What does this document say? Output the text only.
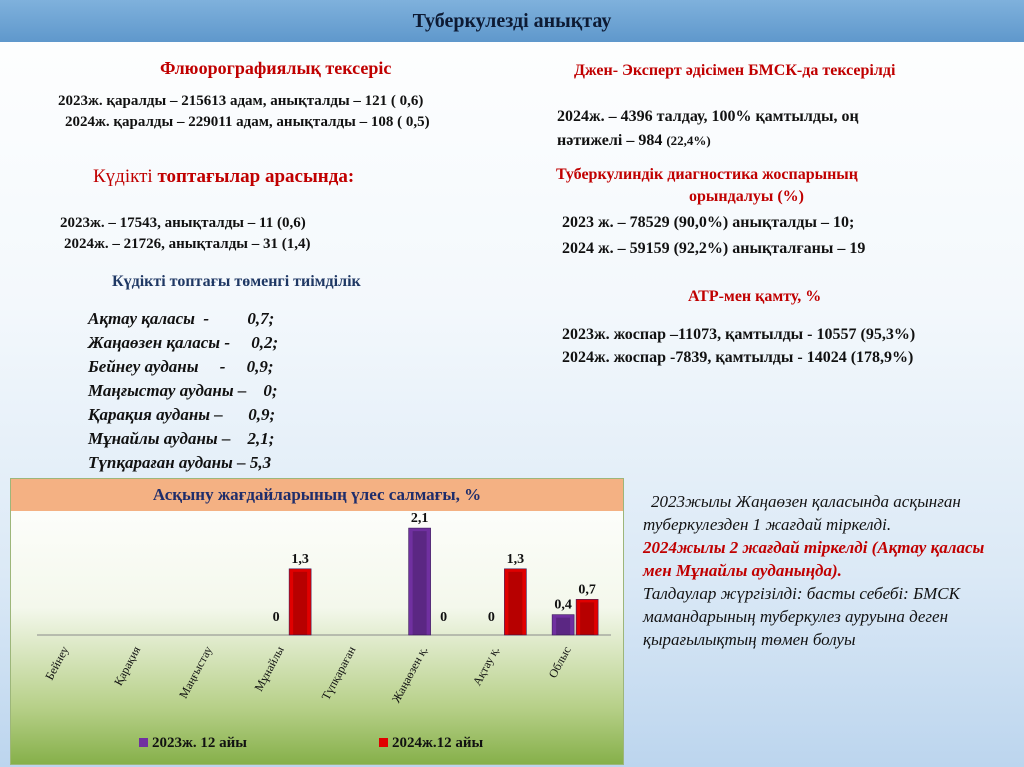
Туберкулезді анықтау
Флюорографиялық тексеріс
2023ж. қаралды – 215613 адам, анықталды – 121 ( 0,6)
2024ж. қаралды – 229011 адам, анықталды – 108 ( 0,5)
Күдікті топтағылар арасында:
2023ж. – 17543, анықталды – 11 (0,6)
2024ж. – 21726, анықталды – 31 (1,4)
Күдікті топтағы төменгі тиімділік
Ақтау қаласы  -         0,7;
Жаңаөзен қаласы -     0,2;
Бейнеу ауданы     -     0,9;
Маңғыстау ауданы –    0;
Қарақия ауданы –      0,9;
Мұнайлы ауданы –    2,1;
Түпқараған ауданы – 5,3
Джен- Эксперт әдісімен БМСК-да тексерілді
2024ж. – 4396 талдау, 100% қамтылды, оң
нәтижелі – 984 (22,4%)
Туберкулиндік диагностика жоспарының
орындалуы (%)
2023 ж. – 78529 (90,0%) анықталды – 10;
2024 ж. – 59159 (92,2%) анықталғаны – 19
АТР-мен қамту, %
2023ж. жоспар –11073, қамтылды - 10557 (95,3%)
2024ж. жоспар -7839, қамтылды - 14024 (178,9%)
Асқыну жағдайларының үлес салмағы, %
Бейнеу	Қарақия	Маңғыстау
0
1,3
Мұнайлы	Түпқараған
2,1
0
Жаңаөзен қ.
0
1,3
Ақтау қ.
0,4
0,7
Облыс
2023ж. 12 айы	2024ж.12 айы
2023жылы Жаңаөзен қаласында асқынған туберкулезден 1 жағдай тіркелді.
2024жылы 2 жағдай тіркелді (Ақтау қаласы мен Мұнайлы ауданыңда).
Талдаулар жүргізілді: басты себебі: БМСК мамандарының туберкулез ауруына деген қырағылықтың төмен болуы
